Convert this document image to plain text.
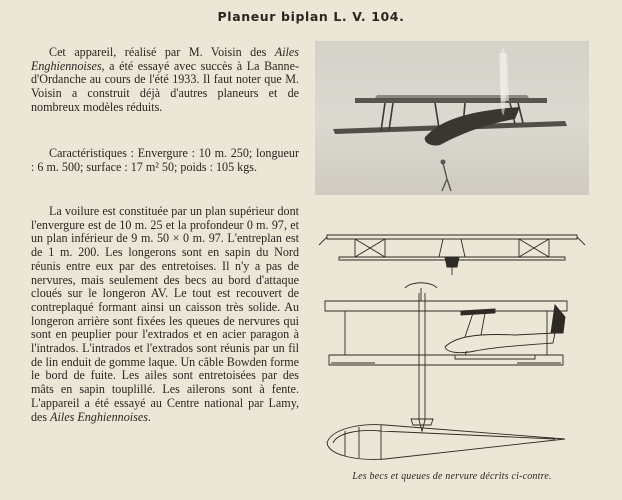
Planeur biplan L. V. 104.

Cet appareil, réalisé par M. Voisin des Ailes Enghiennoises, a été essayé avec succès à La Banne-d'Ordanche au cours de l'été 1933. Il faut noter que M. Voisin a construit déjà d'autres planeurs et de nombreux modèles réduits.

Caractéristiques : Envergure : 10 m. 250; longueur : 6 m. 500; surface : 17 m² 50; poids : 105 kgs.

La voilure est constituée par un plan supérieur dont l'envergure est de 10 m. 25 et la profondeur 0 m. 97, et un plan inférieur de 9 m. 50 × 0 m. 97. L'entreplan est de 1 m. 200. Les longerons sont en sapin du Nord réunis entre eux par des entretoises. Il n'y a pas de nervures, mais seulement des becs au bord d'attaque cloués sur le longeron AV. Le tout est recouvert de contreplaqué formant ainsi un caisson très solide. Au longeron arrière sont fixées les queues de nervures qui sont en peuplier pour l'extrados et en acier paragon à l'intrados. L'intrados et l'extrados sont réunis par un fil de lin enduit de gomme laque. Un câble Bowden forme le bord de fuite. Les ailes sont entretoisées par des mâts en sapin touplillé. Les ailerons sont à fente. L'appareil a été essayé au Centre national par Lamy, des Ailes Enghiennoises.

Les becs et queues de nervure décrits ci-contre.
